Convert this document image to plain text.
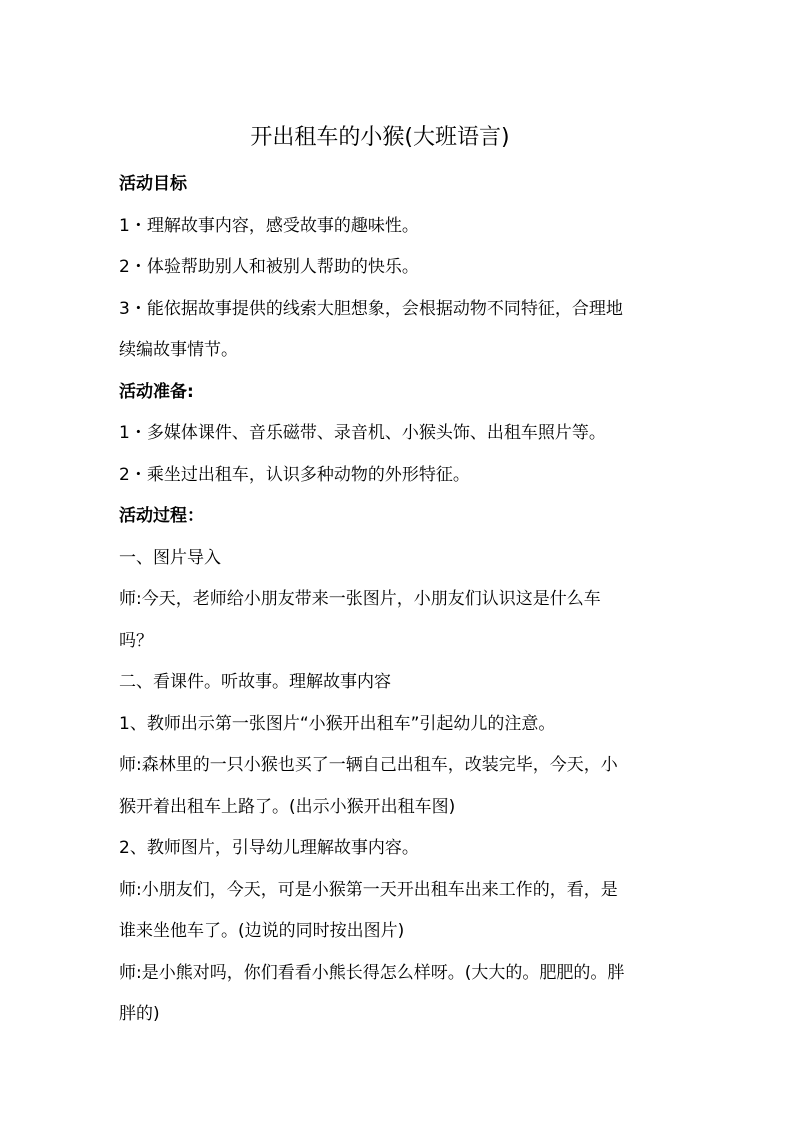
开出租车的小猴(大班语言)

活动目标

1・理解故事内容，感受故事的趣味性。

2・体验帮助别人和被别人帮助的快乐。

3・能依据故事提供的线索大胆想象，会根据动物不同特征，合理地

续编故事情节。

活动准备:

1・多媒体课件、音乐磁带、录音机、小猴头饰、出租车照片等。

2・乘坐过出租车，认识多种动物的外形特征。

活动过程：

一、图片导入

师:今天，老师给小朋友带来一张图片，小朋友们认识这是什么车

吗？

二、看课件。听故事。理解故事内容

1、教师出示第一张图片“小猴开出租车”引起幼儿的注意。

师:森林里的一只小猴也买了一辆自己出租车，改装完毕，今天，小

猴开着出租车上路了。(出示小猴开出租车图)

2、教师图片，引导幼儿理解故事内容。

师:小朋友们，今天，可是小猴第一天开出租车出来工作的，看，是

谁来坐他车了。(边说的同时按出图片)

师:是小熊对吗，你们看看小熊长得怎么样呀。(大大的。肥肥的。胖

胖的)
